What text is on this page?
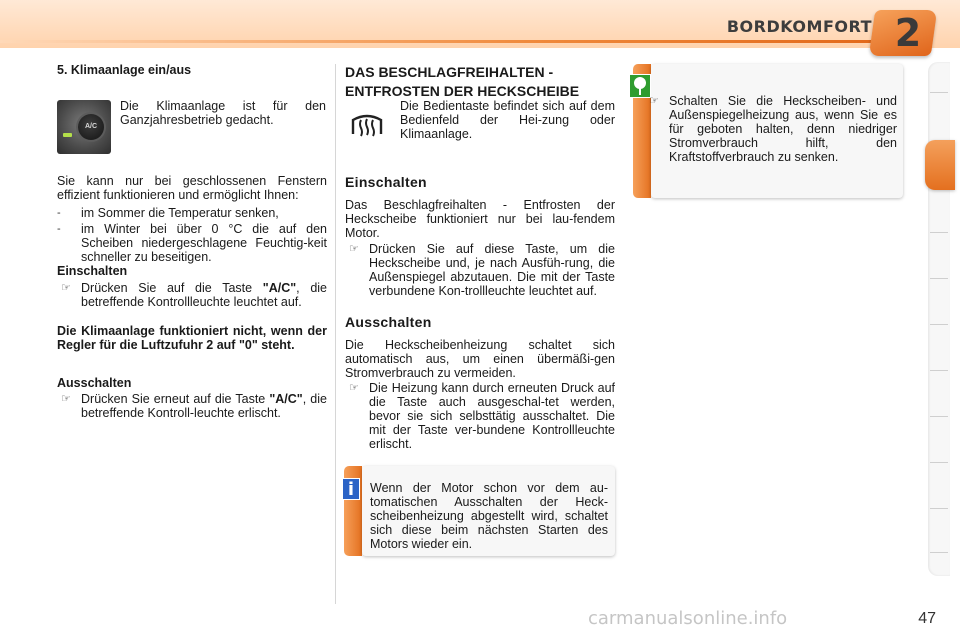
BORDKOMFORT 2
5. Klimaanlage ein/aus
A/C
Die Klimaanlage ist für den Ganzjahresbetrieb gedacht.
Sie kann nur bei geschlossenen Fenstern effizient funktionieren und ermöglicht Ihnen:
- im Sommer die Temperatur senken,
- im Winter bei über 0 °C die auf den Scheiben niedergeschlagene Feuchtig-keit schneller zu beseitigen.
Einschalten
☞ Drücken Sie auf die Taste "A/C", die betreffende Kontrollleuchte leuchtet auf.
Die Klimaanlage funktioniert nicht, wenn der Regler für die Luftzufuhr 2 auf "0" steht.
Ausschalten
☞ Drücken Sie erneut auf die Taste "A/C", die betreffende Kontroll-leuchte erlischt.
DAS BESCHLAGFREIHALTEN - ENTFROSTEN DER HECKSCHEIBE
Die Bedientaste befindet sich auf dem Bedienfeld der Hei-zung oder Klimaanlage.
Einschalten
Das Beschlagfreihalten - Entfrosten der Heckscheibe funktioniert nur bei lau-fendem Motor.
☞ Drücken Sie auf diese Taste, um die Heckscheibe und, je nach Ausfüh-rung, die Außenspiegel abzutauen. Die mit der Taste verbundene Kon-trollleuchte leuchtet auf.
Ausschalten
Die Heckscheibenheizung schaltet sich automatisch aus, um einen übermäßi-gen Stromverbrauch zu vermeiden.
☞ Die Heizung kann durch erneuten Druck auf die Taste auch ausgeschal-tet werden, bevor sie sich selbsttätig ausschaltet. Die mit der Taste ver-bundene Kontrollleuchte erlischt.
i	Wenn der Motor schon vor dem au-tomatischen Ausschalten der Heck-scheibenheizung abgestellt wird, schaltet sich diese beim nächsten Starten des Motors wieder ein.
☞ Schalten Sie die Heckscheiben- und Außenspiegelheizung aus, wenn Sie es für geboten halten, denn niedriger Stromverbrauch hilft, den Kraftstoffverbrauch zu senken.
carmanualsonline.info	47
